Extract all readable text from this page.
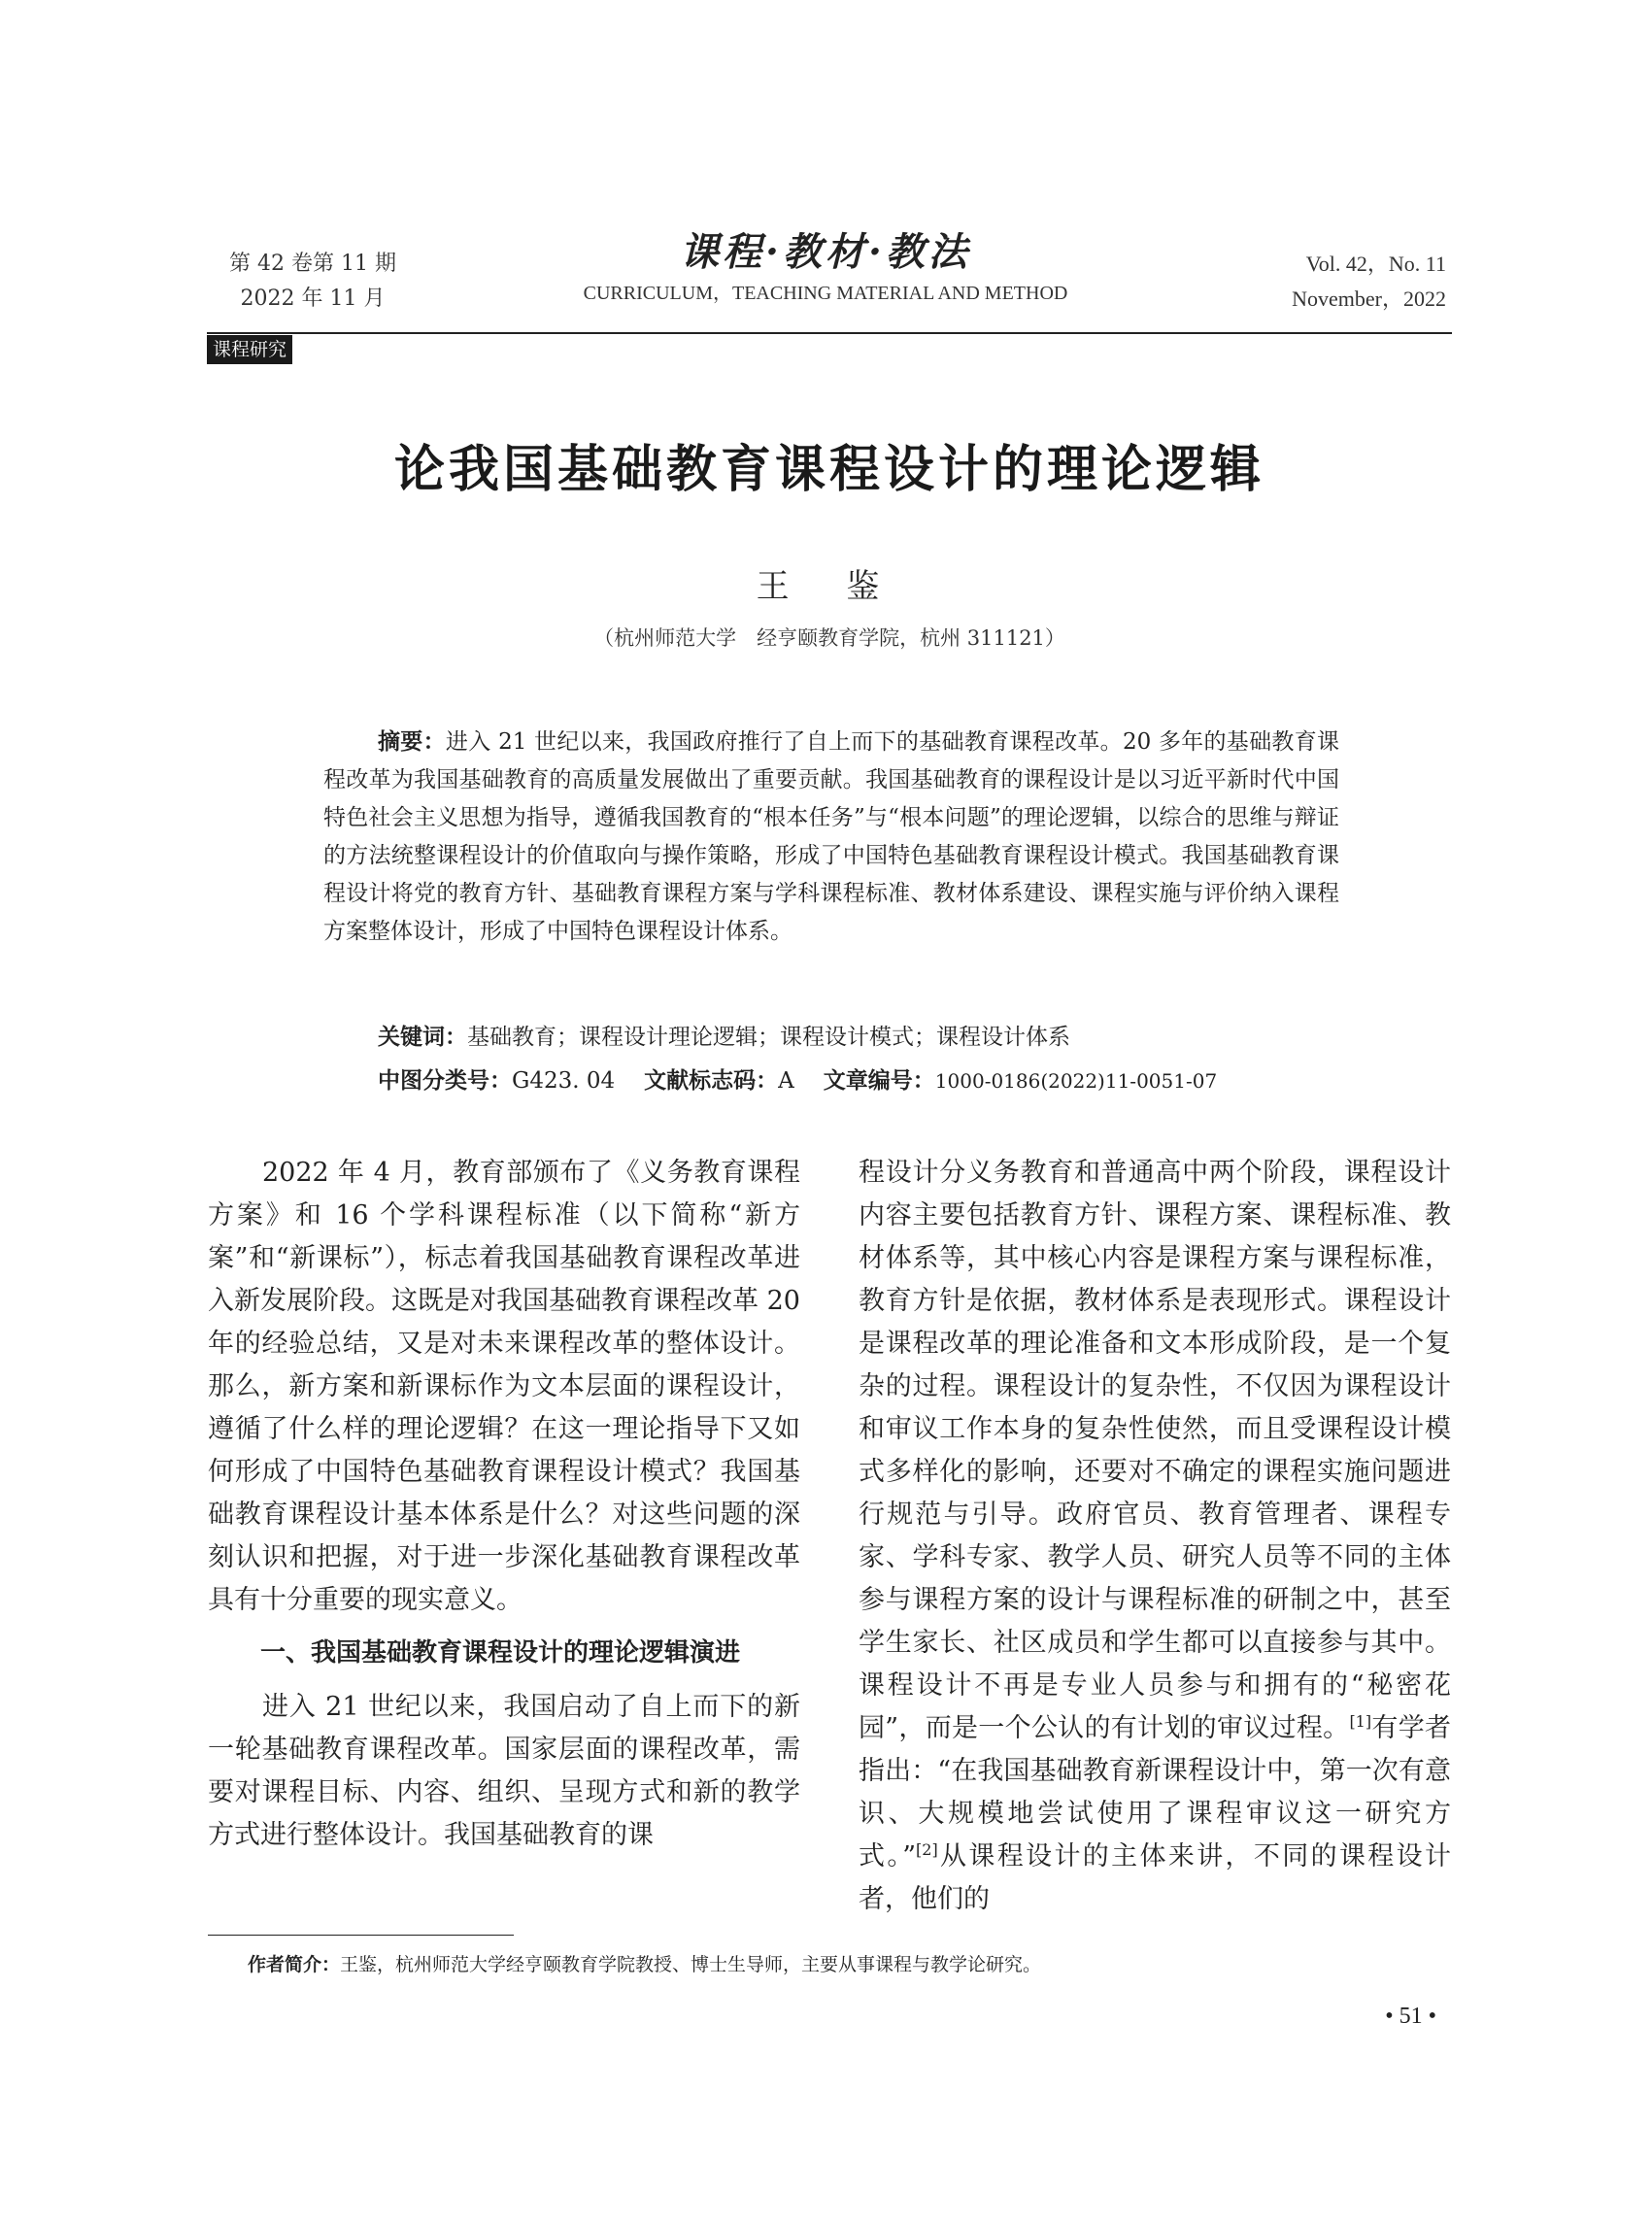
第 42 卷第 11 期
2022 年 11 月
课程·教材·教法
CURRICULUM，TEACHING MATERIAL AND METHOD
Vol. 42，No. 11
November，2022
课程研究
论我国基础教育课程设计的理论逻辑
王 鉴
（杭州师范大学　经亨颐教育学院，杭州 311121）

摘要：进入 21 世纪以来，我国政府推行了自上而下的基础教育课程改革。20 多年的基础教育课程改革为我国基础教育的高质量发展做出了重要贡献。我国基础教育的课程设计是以习近平新时代中国特色社会主义思想为指导，遵循我国教育的“根本任务”与“根本问题”的理论逻辑，以综合的思维与辩证的方法统整课程设计的价值取向与操作策略，形成了中国特色基础教育课程设计模式。我国基础教育课程设计将党的教育方针、基础教育课程方案与学科课程标准、教材体系建设、课程实施与评价纳入课程方案整体设计，形成了中国特色课程设计体系。

关键词：基础教育；课程设计理论逻辑；课程设计模式；课程设计体系
中图分类号：G423. 04 文献标志码：A 文章编号：1000-0186(2022)11-0051-07

2022 年 4 月，教育部颁布了《义务教育课程方案》和 16 个学科课程标准（以下简称“新方案”和“新课标”），标志着我国基础教育课程改革进入新发展阶段。这既是对我国基础教育课程改革 20 年的经验总结，又是对未来课程改革的整体设计。那么，新方案和新课标作为文本层面的课程设计，遵循了什么样的理论逻辑？在这一理论指导下又如何形成了中国特色基础教育课程设计模式？我国基础教育课程设计基本体系是什么？对这些问题的深刻认识和把握，对于进一步深化基础教育课程改革具有十分重要的现实意义。

一、我国基础教育课程设计的理论逻辑演进

进入 21 世纪以来，我国启动了自上而下的新一轮基础教育课程改革。国家层面的课程改革，需要对课程目标、内容、组织、呈现方式和新的教学方式进行整体设计。我国基础教育的课

程设计分义务教育和普通高中两个阶段，课程设计内容主要包括教育方针、课程方案、课程标准、教材体系等，其中核心内容是课程方案与课程标准，教育方针是依据，教材体系是表现形式。课程设计是课程改革的理论准备和文本形成阶段，是一个复杂的过程。课程设计的复杂性，不仅因为课程设计和审议工作本身的复杂性使然，而且受课程设计模式多样化的影响，还要对不确定的课程实施问题进行规范与引导。政府官员、教育管理者、课程专家、学科专家、教学人员、研究人员等不同的主体参与课程方案的设计与课程标准的研制之中，甚至学生家长、社区成员和学生都可以直接参与其中。课程设计不再是专业人员参与和拥有的“秘密花园”，而是一个公认的有计划的审议过程。[1]有学者指出：“在我国基础教育新课程设计中，第一次有意识、大规模地尝试使用了课程审议这一研究方式。”[2]从课程设计的主体来讲，不同的课程设计者，他们的

作者简介：王鉴，杭州师范大学经亨颐教育学院教授、博士生导师，主要从事课程与教学论研究。
• 51 •
